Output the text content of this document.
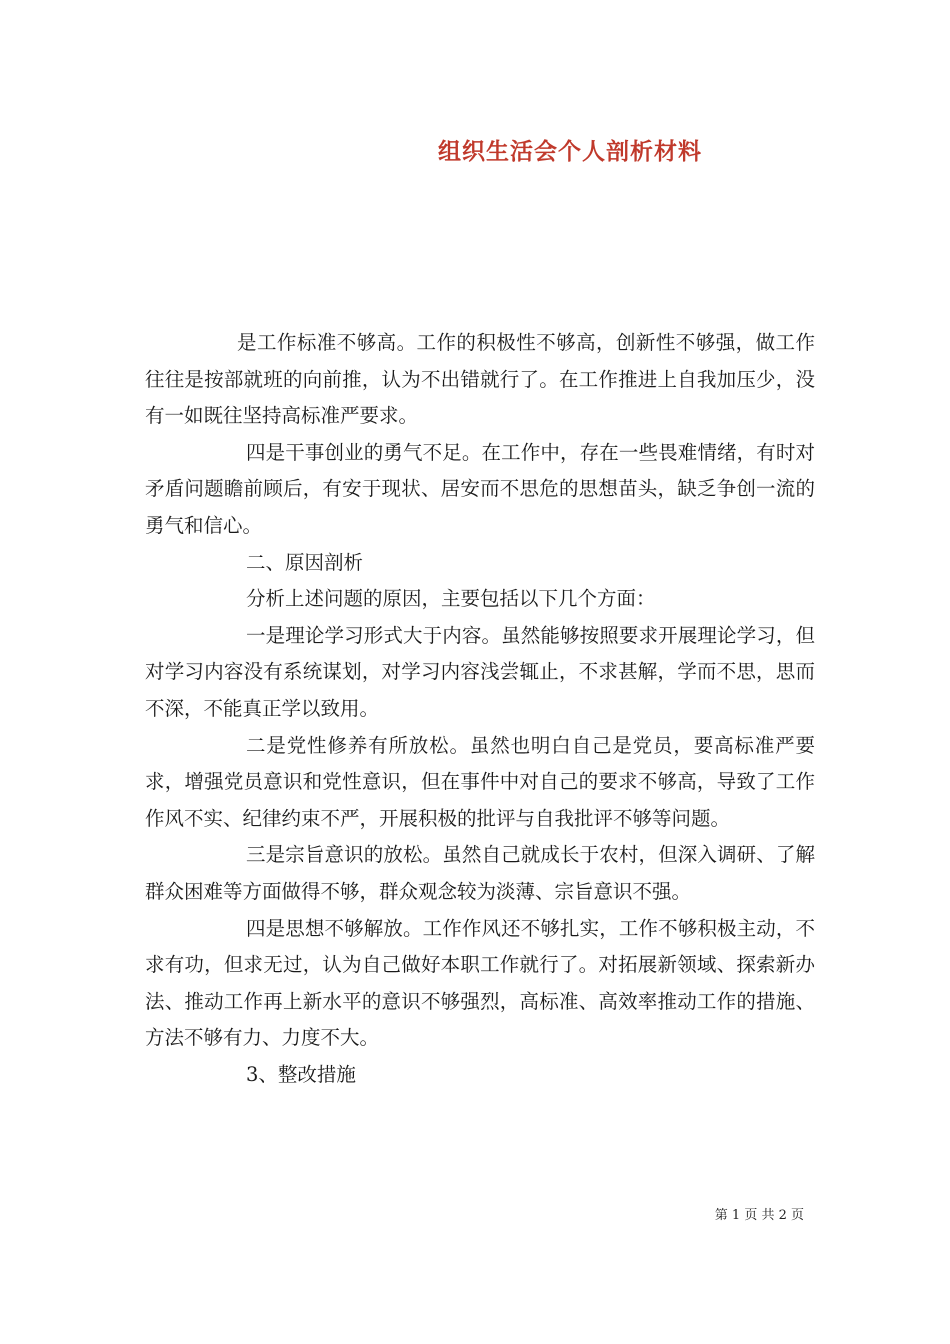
组织生活会个人剖析材料

是工作标准不够高。工作的积极性不够高，创新性不够强，做工作往往是按部就班的向前推，认为不出错就行了。在工作推进上自我加压少，没有一如既往坚持高标准严要求。

四是干事创业的勇气不足。在工作中，存在一些畏难情绪，有时对矛盾问题瞻前顾后，有安于现状、居安而不思危的思想苗头，缺乏争创一流的勇气和信心。

二、原因剖析

分析上述问题的原因，主要包括以下几个方面：

一是理论学习形式大于内容。虽然能够按照要求开展理论学习，但对学习内容没有系统谋划，对学习内容浅尝辄止，不求甚解，学而不思，思而不深，不能真正学以致用。

二是党性修养有所放松。虽然也明白自己是党员，要高标准严要求，增强党员意识和党性意识，但在事件中对自己的要求不够高，导致了工作作风不实、纪律约束不严，开展积极的批评与自我批评不够等问题。

三是宗旨意识的放松。虽然自己就成长于农村，但深入调研、了解群众困难等方面做得不够，群众观念较为淡薄、宗旨意识不强。

四是思想不够解放。工作作风还不够扎实，工作不够积极主动，不求有功，但求无过，认为自己做好本职工作就行了。对拓展新领域、探索新办法、推动工作再上新水平的意识不够强烈，高标准、高效率推动工作的措施、方法不够有力、力度不大。

3、整改措施

第 1 页 共 2 页
